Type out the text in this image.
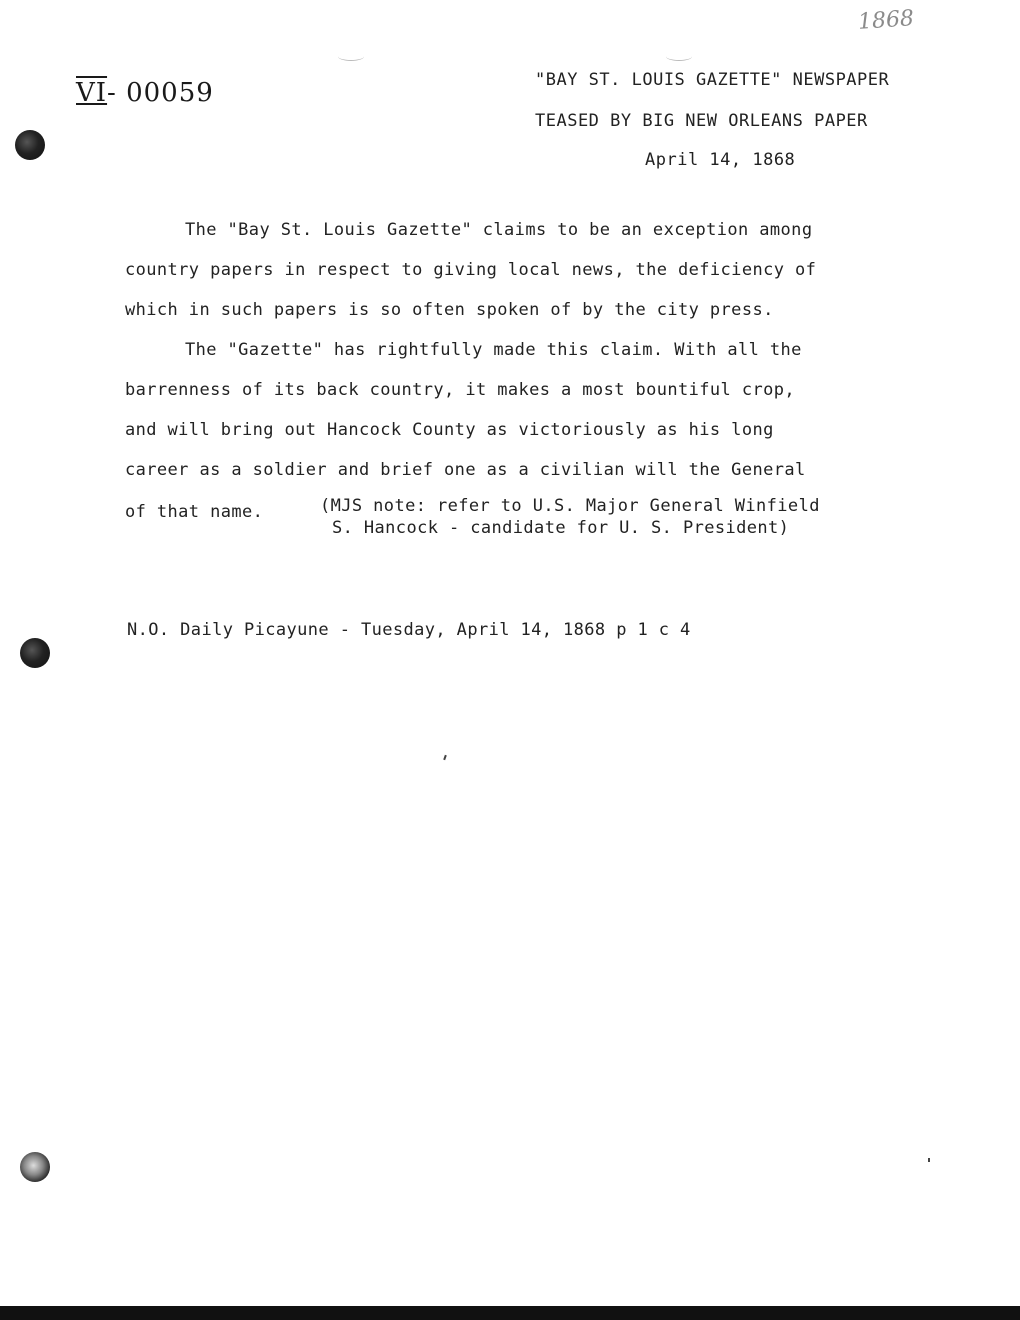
1868
VI- 00059	"BAY ST. LOUIS GAZETTE" NEWSPAPER
TEASED BY BIG NEW ORLEANS PAPER
April 14, 1868
The "Bay St. Louis Gazette" claims to be an exception among
country papers in respect to giving local news, the deficiency of
which in such papers is so often spoken of by the city press.
The "Gazette" has rightfully made this claim. With all the
barrenness of its back country, it makes a most bountiful crop,
and will bring out Hancock County as victoriously as his long
career as a soldier and brief one as a civilian will the General
of that name.	(MJS note: refer to U.S. Major General Winfield
S. Hancock - candidate for U. S. President)
N.O. Daily Picayune - Tuesday, April 14, 1868 p 1 c 4
